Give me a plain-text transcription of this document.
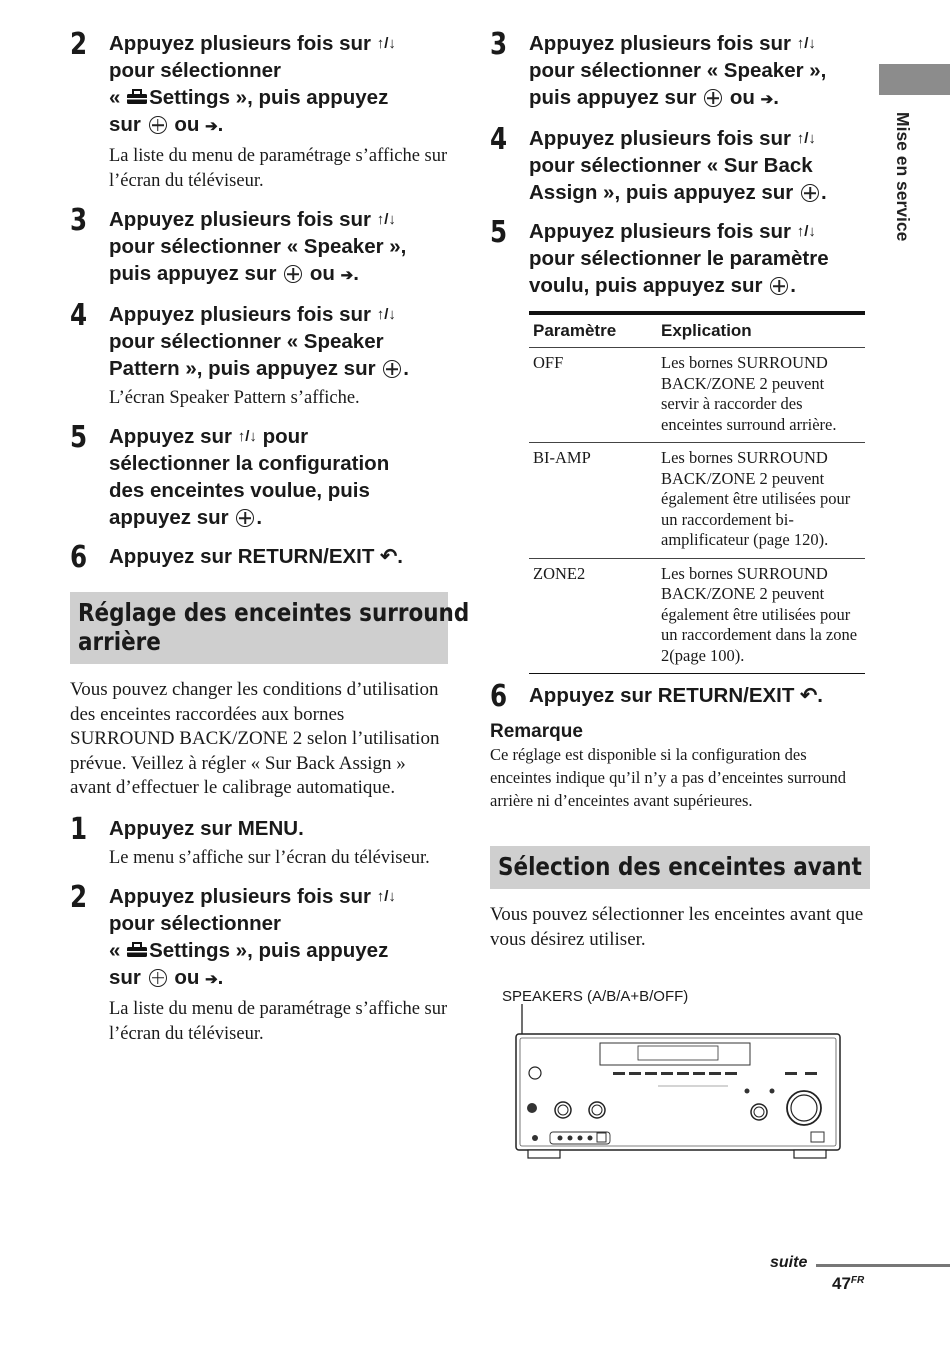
Mise en service
2 Appuyez plusieurs fois sur ↑/↓
pour sélectionner
« Settings », puis appuyez
sur ou ➔.
La liste du menu de paramétrage s’affiche sur l’écran du téléviseur.
3 Appuyez plusieurs fois sur ↑/↓
pour sélectionner « Speaker »,
puis appuyez sur ou ➔.
4 Appuyez plusieurs fois sur ↑/↓
pour sélectionner « Speaker
Pattern », puis appuyez sur .
L’écran Speaker Pattern s’affiche.
5 Appuyez sur ↑/↓ pour
sélectionner la configuration
des enceintes voulue, puis
appuyez sur .
6 Appuyez sur RETURN/EXIT ↶.
Réglage des enceintes surround
arrière
Vous pouvez changer les conditions d’utilisation des enceintes raccordées aux bornes SURROUND BACK/ZONE 2 selon l’utilisation prévue. Veillez à régler « Sur Back Assign » avant d’effectuer le calibrage automatique.
1 Appuyez sur MENU.
Le menu s’affiche sur l’écran du téléviseur.
2 Appuyez plusieurs fois sur ↑/↓
pour sélectionner
« Settings », puis appuyez
sur ou ➔.
La liste du menu de paramétrage s’affiche sur l’écran du téléviseur.
3 Appuyez plusieurs fois sur ↑/↓
pour sélectionner « Speaker »,
puis appuyez sur ou ➔.
4 Appuyez plusieurs fois sur ↑/↓
pour sélectionner « Sur Back
Assign », puis appuyez sur .
5 Appuyez plusieurs fois sur ↑/↓
pour sélectionner le paramètre
voulu, puis appuyez sur .
Paramètre	Explication
OFF	Les bornes SURROUND BACK/ZONE 2 peuvent servir à raccorder des enceintes surround arrière.
BI-AMP	Les bornes SURROUND BACK/ZONE 2 peuvent également être utilisées pour un raccordement bi-amplificateur (page 120).
ZONE2	Les bornes SURROUND BACK/ZONE 2 peuvent également être utilisées pour un raccordement dans la zone 2(page 100).
6 Appuyez sur RETURN/EXIT ↶.
Remarque
Ce réglage est disponible si la configuration des enceintes indique qu’il n’y a pas d’enceintes surround arrière ni d’enceintes avant supérieures.
Sélection des enceintes avant
Vous pouvez sélectionner les enceintes avant que vous désirez utiliser.
SPEAKERS (A/B/A+B/OFF)
suite
$47^{FR}$
